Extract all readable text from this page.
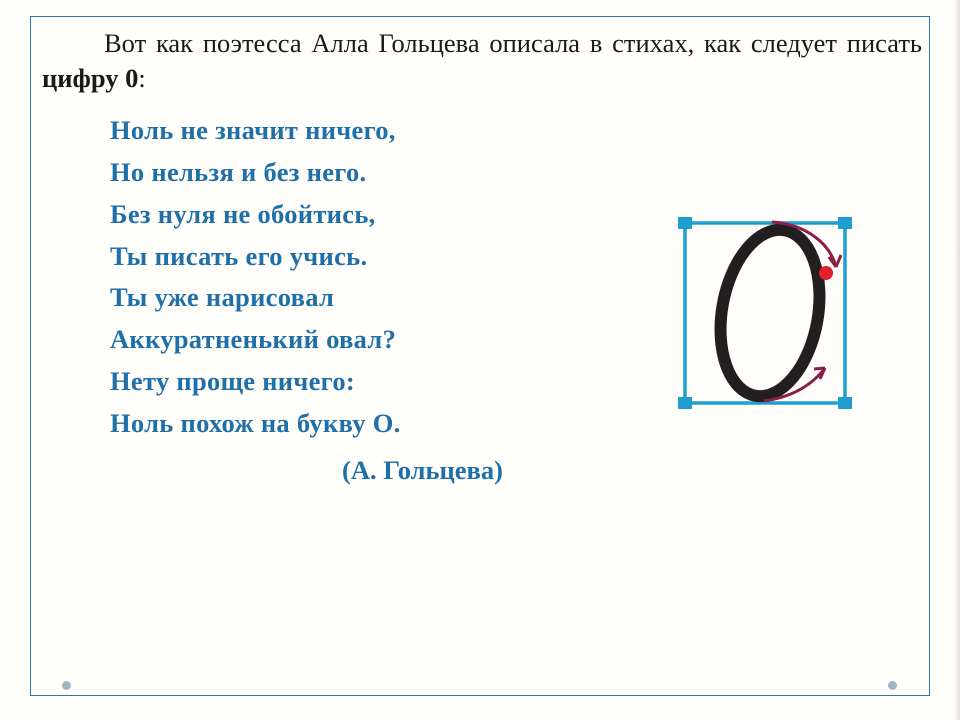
Вот как поэтесса Алла Гольцева описала в стихах, как следует писать цифру 0:

Ноль не значит ничего,
Но нельзя и без него.
Без нуля не обойтись,
Ты писать его учись.
Ты уже нарисовал
Аккуратненький овал?
Нету проще ничего:
Ноль похож на букву О.
(А. Гольцева)
